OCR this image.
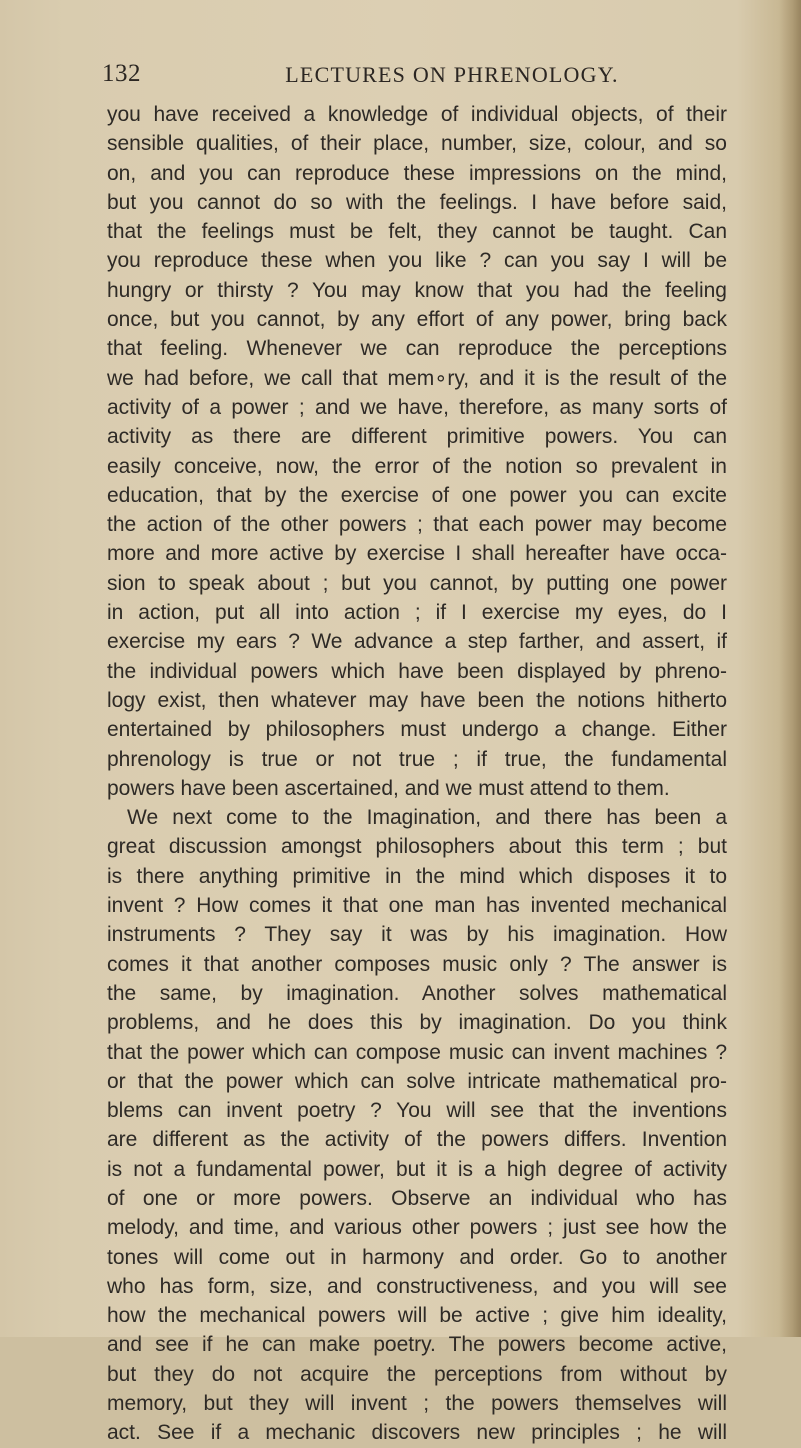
132	LECTURES ON PHRENOLOGY.
you have received a knowledge of individual objects, of their
sensible qualities, of their place, number, size, colour, and so
on, and you can reproduce these impressions on the mind,
but you cannot do so with the feelings. I have before said,
that the feelings must be felt, they cannot be taught. Can
you reproduce these when you like ? can you say I will be
hungry or thirsty ? You may know that you had the feeling
once, but you cannot, by any effort of any power, bring back
that feeling. Whenever we can reproduce the perceptions
we had before, we call that mem∘ry, and it is the result of the
activity of a power ; and we have, therefore, as many sorts of
activity as there are different primitive powers. You can
easily conceive, now, the error of the notion so prevalent in
education, that by the exercise of one power you can excite
the action of the other powers ; that each power may become
more and more active by exercise I shall hereafter have occa-
sion to speak about ; but you cannot, by putting one power
in action, put all into action ; if I exercise my eyes, do I
exercise my ears ? We advance a step farther, and assert, if
the individual powers which have been displayed by phreno-
logy exist, then whatever may have been the notions hitherto
entertained by philosophers must undergo a change. Either
phrenology is true or not true ; if true, the fundamental
powers have been ascertained, and we must attend to them.
We next come to the Imagination, and there has been a
great discussion amongst philosophers about this term ; but
is there anything primitive in the mind which disposes it to
invent ? How comes it that one man has invented mechanical
instruments ? They say it was by his imagination. How
comes it that another composes music only ? The answer is
the same, by imagination. Another solves mathematical
problems, and he does this by imagination. Do you think
that the power which can compose music can invent machines ?
or that the power which can solve intricate mathematical pro-
blems can invent poetry ? You will see that the inventions
are different as the activity of the powers differs. Invention
is not a fundamental power, but it is a high degree of activity
of one or more powers. Observe an individual who has
melody, and time, and various other powers ; just see how the
tones will come out in harmony and order. Go to another
who has form, size, and constructiveness, and you will see
how the mechanical powers will be active ; give him ideality,
and see if he can make poetry. The powers become active,
but they do not acquire the perceptions from without by
memory, but they will invent ; the powers themselves will
act. See if a mechanic discovers new principles ; he will
